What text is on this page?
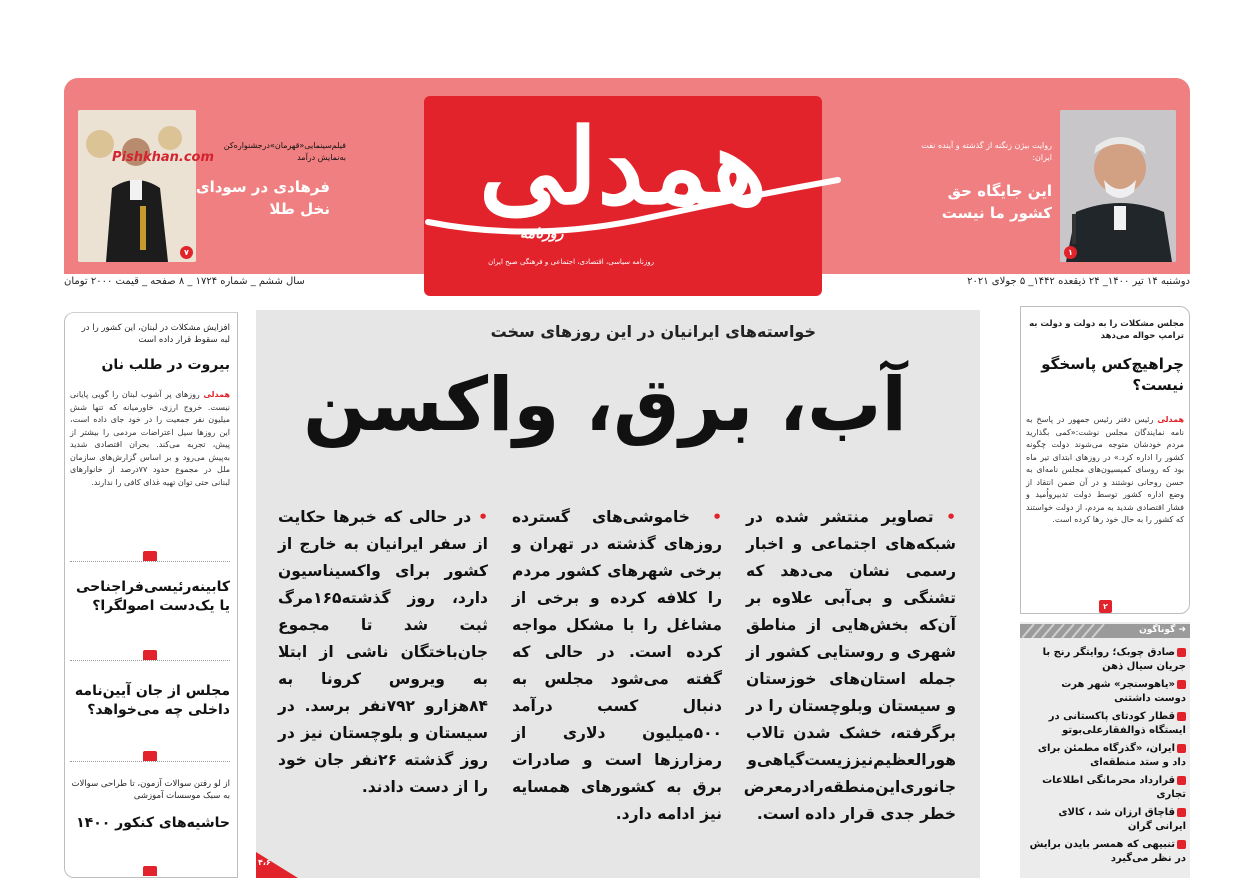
۷
Pishkhan.com
فیلم‌سینمایی«قهرمان»درجشنواره‌کن به‌نمایش درآمد
فرهادی در سودای نخل طلا
۱
روایت بیژن زنگنه از گذشته و آینده نفت ایران:
این جایگاه حق کشور ما نیست
همدلی
روزنامه
روزنامه سیاسی، اقتصادی، اجتماعی و فرهنگی صبح ایران
دوشنبه ۱۴ تیر ۱۴۰۰_ ۲۴ ذیقعده ۱۴۴۲_ ۵ جولای ۲۰۲۱
سال ششم _ شماره ۱۷۲۴ _ ۸ صفحه _ قیمت ۲۰۰۰ تومان
افزایش مشکلات در لبنان، این کشور را در لبه سقوط قرار داده است
بیروت در طلب نان
همدلی روزهای پر آشوب لبنان را گویی پایانی نیست. خروج ارزی، خاورمیانه که تنها شش میلیون نفر جمعیت را در خود جای داده است، این روزها سیل اعتراضات مردمی را بیشتر از پیش، تجربه می‌کند. بحران اقتصادی شدید به‌پیش می‌رود و بر اساس گزارش‌های سازمان ملل در مجموع حدود ۷۷درصد از خانوارهای لبنانی حتی توان تهیه غذای کافی را ندارند.
کابینه‌رئیسی‌فراجناحی یا یک‌دست اصولگرا؟
مجلس از جان آیین‌نامه داخلی چه می‌خواهد؟
از لو رفتن سوالات آزمون، تا طراحی سوالات به سبک موسسات آموزشی
حاشیه‌های کنکور ۱۴۰۰
خواسته‌های ایرانیان در این روزهای سخت
آب، برق، واکسن
• تصاویر منتشر شده در شبکه‌های اجتماعی و اخبار رسمی نشان می‌دهد که تشنگی و بی‌آبی علاوه بر آن‌که بخش‌هایی از مناطق شهری و روستایی کشور از جمله استان‌های خوزستان و سیستان وبلوچستان را در برگرفته، خشک شدن تالاب هورالعظیم‌نیز‌زیست‌گیاهی‌و جانوری‌این‌منطقه‌رادرمعرض خطر جدی قرار داده است.
• خاموشی‌های گسترده روزهای گذشته در تهران و برخی شهرهای کشور مردم را کلافه کرده و برخی از مشاغل را با مشکل مواجه کرده است. در حالی که گفته می‌شود مجلس به دنبال کسب درآمد ۵۰۰میلیون دلاری از رمزارزها است و صادرات برق به کشورهای همسایه نیز ادامه دارد.
• در حالی که خبرها حکایت از سفر ایرانیان به خارج از کشور برای واکسیناسیون دارد، روز گذشته۱۶۵مرگ ثبت شد تا مجموع جان‌باختگان ناشی از ابتلا به ویروس کرونا به ۸۴هزارو ۷۹۲نفر برسد. در سیستان و بلوچستان نیز در روز گذشته ۲۶نفر جان خود را از دست دادند.
۴،۶
مجلس مشکلات را به دولت و دولت به ترامپ حواله می‌دهد
چراهیچ‌کس پاسخگو نیست؟
همدلی رئیس دفتر رئیس جمهور در پاسخ به نامه نمایندگان مجلس نوشت:«کمی بگذارید مردم خودشان متوجه می‌شوند دولت چگونه کشور را اداره کرد.» در روزهای ابتدای تیر ماه بود که روسای کمیسیون‌های مجلس نامه‌ای به حسن روحانی نوشتند و در آن ضمن انتقاد از وضع اداره کشور توسط دولت تدبیرواُمید و فشار اقتصادی شدید به مردم، از دولت خواستند که کشور را به حال خود رها کرده است.
۲
➜ گوناگون
صادق چوبک؛ روایتگر رنج با جریان سیال ذهن
«یاهوسنجر» شهر هرت دوست داشتنی
قطار کودتای پاکستانی در ایستگاه ذوالفقارعلی‌بوتو
ایران، «گذرگاه مطمئن برای داد و ستد منطقه‌ای
قرارداد محرمانگی اطلاعات تجاری
قاچاق ارزان شد ، کالای ایرانی گران
تنبیهی که همسر بایدن برایش در نظر می‌گیرد
